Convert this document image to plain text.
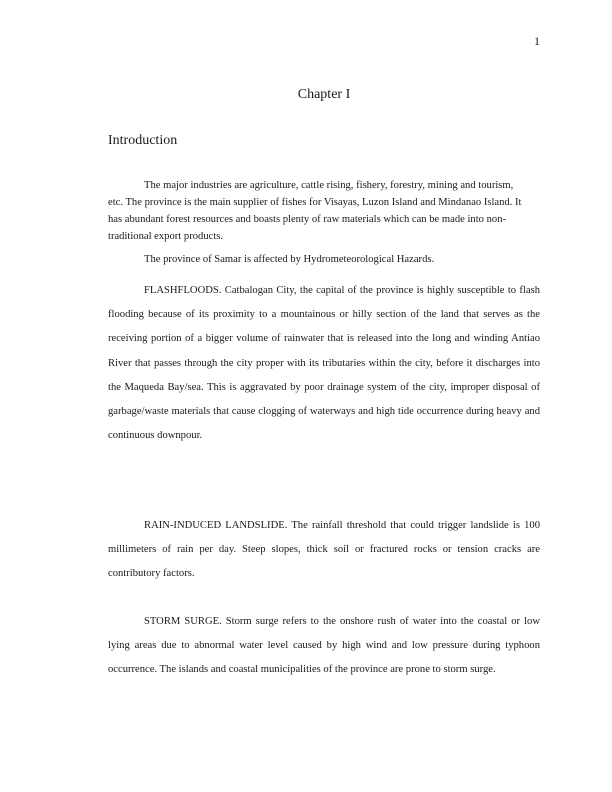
1
Chapter I
Introduction

The major industries are agriculture, cattle rising, fishery, forestry, mining and tourism, etc. The province is the main supplier of fishes for Visayas, Luzon Island and Mindanao Island. It has abundant forest resources and boasts plenty of raw materials which can be made into non-traditional export products.

The province of Samar is affected by Hydrometeorological Hazards.

FLASHFLOODS. Catbalogan City, the capital of the province is highly susceptible to flash flooding because of its proximity to a mountainous or hilly section of the land that serves as the receiving portion of a bigger volume of rainwater that is released into the long and winding Antiao River that passes through the city proper with its tributaries within the city, before it discharges into the Maqueda Bay/sea. This is aggravated by poor drainage system of the city, improper disposal of garbage/waste materials that cause clogging of waterways and high tide occurrence during heavy and continuous downpour.

RAIN-INDUCED LANDSLIDE. The rainfall threshold that could trigger landslide is 100 millimeters of rain per day. Steep slopes, thick soil or fractured rocks or tension cracks are contributory factors.

STORM SURGE. Storm surge refers to the onshore rush of water into the coastal or low lying areas due to abnormal water level caused by high wind and low pressure during typhoon occurrence. The islands and coastal municipalities of the province are prone to storm surge.
